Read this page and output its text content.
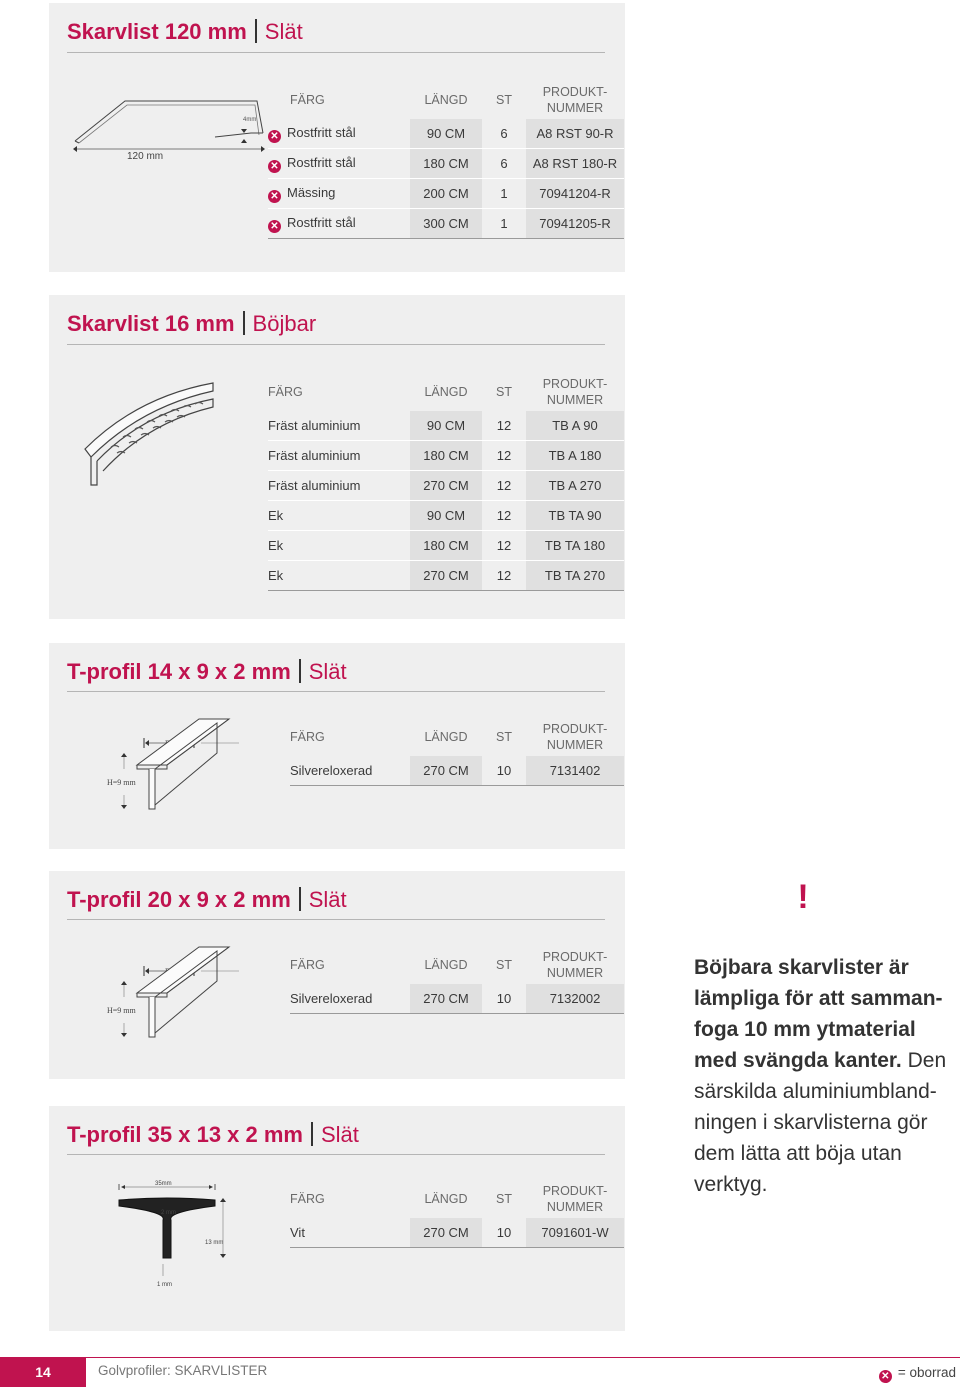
Skarvlist 120 mm Slät
4mm
120 mm
FÄRG	LÄNGD	ST	PRODUKT-
NUMMER
✕ Rostfritt stål	90 CM	6	A8 RST 90-R
✕ Rostfritt stål	180 CM	6	A8 RST 180-R
✕ Mässing	200 CM	1	70941204-R
✕ Rostfritt stål	300 CM	1	70941205-R
Skarvlist 16 mm Böjbar
FÄRG	LÄNGD	ST	PRODUKT-
NUMMER
Fräst aluminium	90 CM	12	TB A 90
Fräst aluminium	180 CM	12	TB A 180
Fräst aluminium	270 CM	12	TB A 270
Ek	90 CM	12	TB TA 90
Ek	180 CM	12	TB TA 180
Ek	270 CM	12	TB TA 270
T-profil 14 x 9 x 2 mm Slät
H=9 mm
FÄRG	LÄNGD	ST	PRODUKT-
NUMMER
Silvereloxerad	270 CM	10	7131402
T-profil 20 x 9 x 2 mm Slät
H=9 mm
FÄRG	LÄNGD	ST	PRODUKT-
NUMMER
Silvereloxerad	270 CM	10	7132002
T-profil 35 x 13 x 2 mm Slät
35mm
2 mm
13 mm
1 mm
FÄRG	LÄNGD	ST	PRODUKT-
NUMMER
Vit	270 CM	10	7091601-W
!
Böjbara skarvlister är lämpliga för att samman-foga 10 mm ytmaterial med svängda kanter. Den särskilda aluminiumbland-ningen i skarvlisterna gör dem lätta att böja utan verktyg.
14	Golvprofiler: SKARVLISTER	✕ = oborrad
